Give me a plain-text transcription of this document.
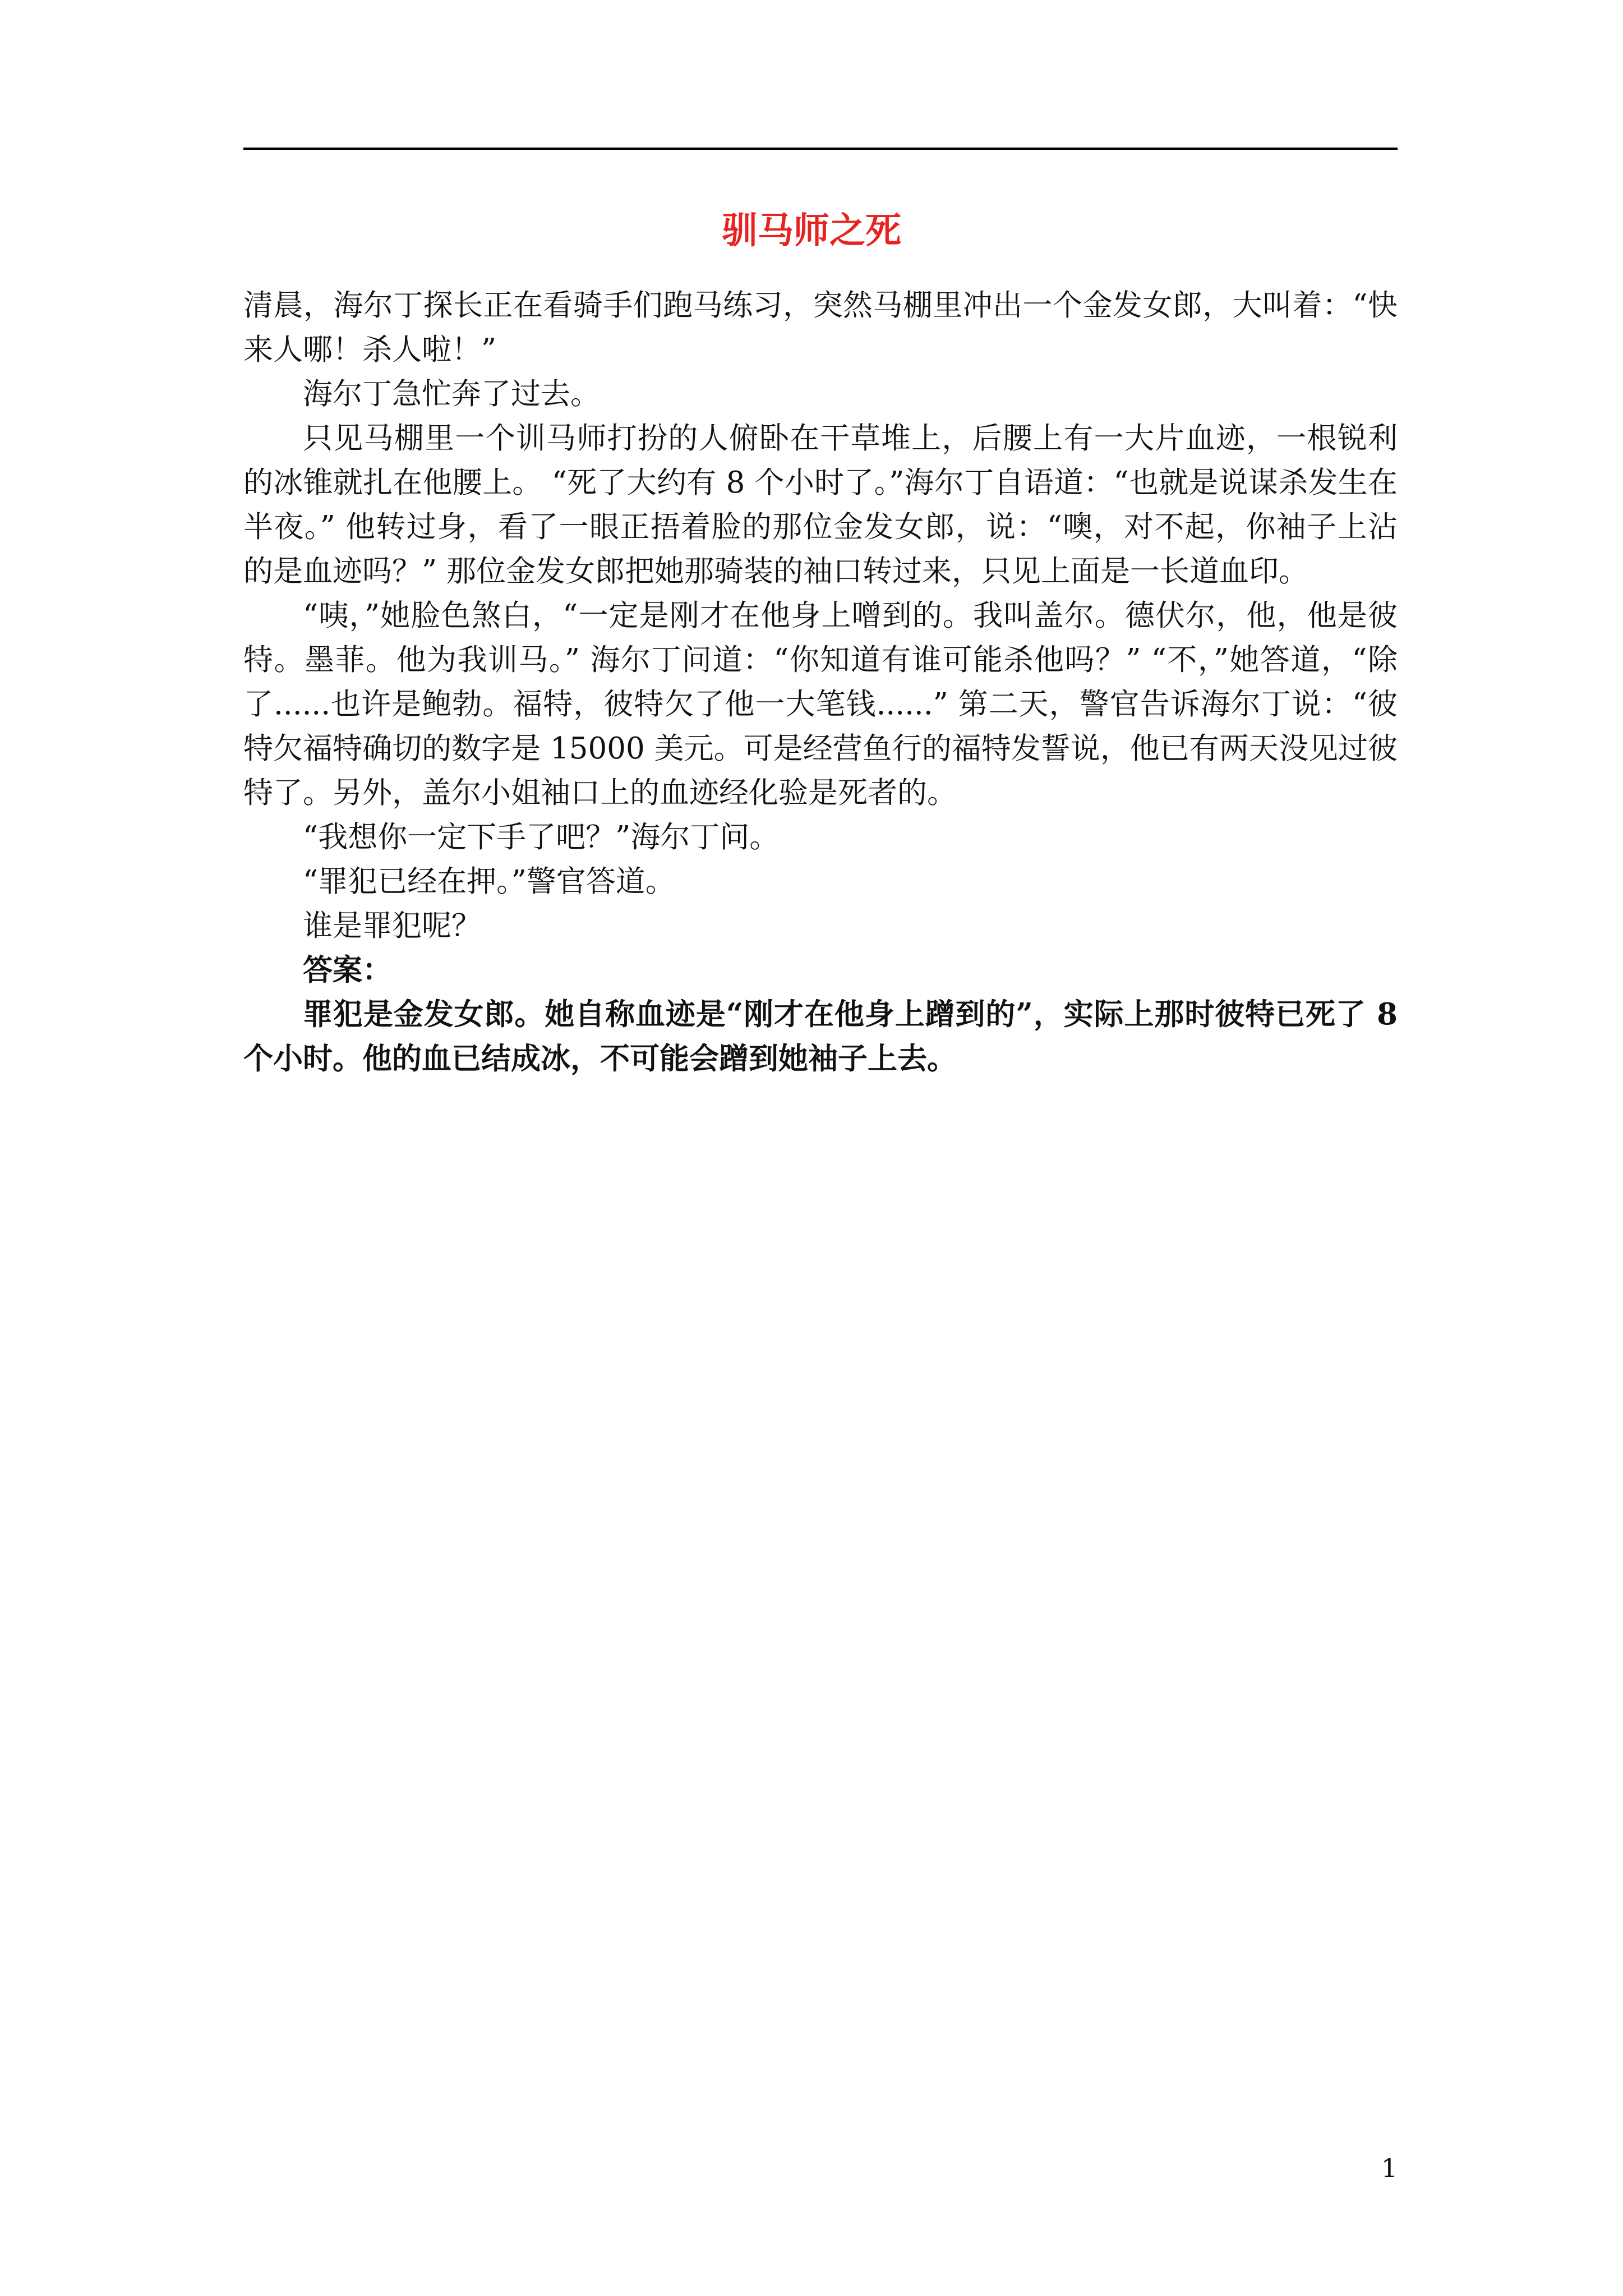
驯马师之死

清晨，海尔丁探长正在看骑手们跑马练习，突然马棚里冲出一个金发女郎，大叫着：“快来人哪！杀人啦！”

海尔丁急忙奔了过去。

只见马棚里一个训马师打扮的人俯卧在干草堆上，后腰上有一大片血迹，一根锐利的冰锥就扎在他腰上。 “死了大约有 8 个小时了。”海尔丁自语道：“也就是说谋杀发生在半夜。” 他转过身，看了一眼正捂着脸的那位金发女郎，说：“噢，对不起，你袖子上沾的是血迹吗？” 那位金发女郎把她那骑装的袖口转过来，只见上面是一长道血印。

“咦，”她脸色煞白，“一定是刚才在他身上噌到的。我叫盖尔。德伏尔，他，他是彼特。墨菲。他为我训马。” 海尔丁问道：“你知道有谁可能杀他吗？” “不，”她答道，“除了......也许是鲍勃。福特，彼特欠了他一大笔钱......” 第二天，警官告诉海尔丁说：“彼特欠福特确切的数字是 15000 美元。可是经营鱼行的福特发誓说，他已有两天没见过彼特了。另外，盖尔小姐袖口上的血迹经化验是死者的。

“我想你一定下手了吧？”海尔丁问。

“罪犯已经在押。”警官答道。

谁是罪犯呢？

答案：

罪犯是金发女郎。她自称血迹是“刚才在他身上蹭到的”，实际上那时彼特已死了 8 个小时。他的血已结成冰，不可能会蹭到她袖子上去。

1
